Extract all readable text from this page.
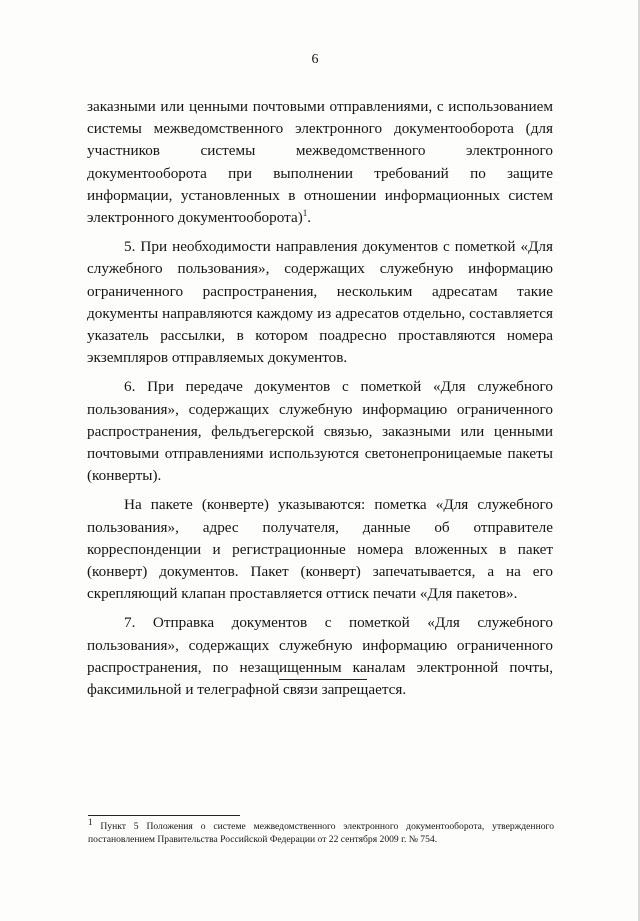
6

заказными или ценными почтовыми отправлениями, с использованием системы межведомственного электронного документооборота (для участников системы межведомственного электронного документооборота при выполнении требований по защите информации, установленных в отношении информационных систем электронного документооборота)$^1$.

5. При необходимости направления документов с пометкой «Для служебного пользования», содержащих служебную информацию ограниченного распространения, нескольким адресатам такие документы направляются каждому из адресатов отдельно, составляется указатель рассылки, в котором поадресно проставляются номера экземпляров отправляемых документов.

6. При передаче документов с пометкой «Для служебного пользования», содержащих служебную информацию ограниченного распространения, фельдъегерской связью, заказными или ценными почтовыми отправлениями используются светонепроницаемые пакеты (конверты).

На пакете (конверте) указываются: пометка «Для служебного пользования», адрес получателя, данные об отправителе корреспонденции и регистрационные номера вложенных в пакет (конверт) документов. Пакет (конверт) запечатывается, а на его скрепляющий клапан проставляется оттиск печати «Для пакетов».

7. Отправка документов с пометкой «Для служебного пользования», содержащих служебную информацию ограниченного распространения, по незащищенным каналам электронной почты, факсимильной и телеграфной связи запрещается.

$^1$ Пункт 5 Положения о системе межведомственного электронного документооборота, утвержденного постановлением Правительства Российской Федерации от 22 сентября 2009 г. № 754.
